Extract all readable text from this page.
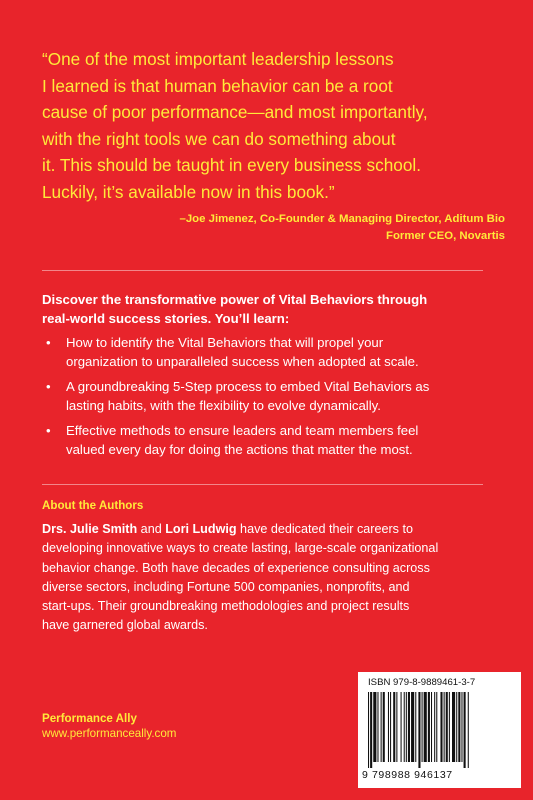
“One of the most important leadership lessons
I learned is that human behavior can be a root
cause of poor performance—and most importantly,
with the right tools we can do something about
it. This should be taught in every business school.
Luckily, it’s available now in this book.”
–Joe Jimenez, Co-Founder & Managing Director, Aditum Bio
Former CEO, Novartis
Discover the transformative power of Vital Behaviors through
real-world success stories. You’ll learn:
• How to identify the Vital Behaviors that will propel your
organization to unparalleled success when adopted at scale.
• A groundbreaking 5-Step process to embed Vital Behaviors as
lasting habits, with the flexibility to evolve dynamically.
• Effective methods to ensure leaders and team members feel
valued every day for doing the actions that matter the most.
About the Authors
Drs. Julie Smith and Lori Ludwig have dedicated their careers to
developing innovative ways to create lasting, large-scale organizational
behavior change. Both have decades of experience consulting across
diverse sectors, including Fortune 500 companies, nonprofits, and
start-ups. Their groundbreaking methodologies and project results
have garnered global awards.
Performance Ally
www.performanceally.com
ISBN 979-8-9889461-3-7
9 798988 946137
